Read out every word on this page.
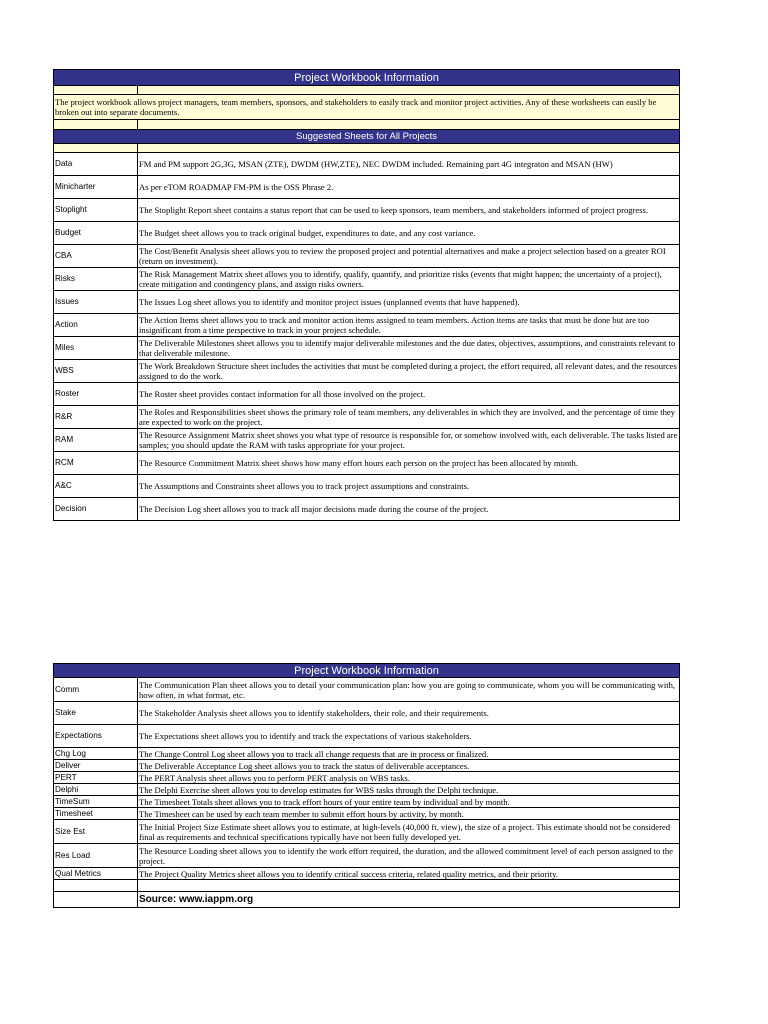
Project Workbook Information	

The project workbook allows project managers, team members, sponsors, and stakeholders to easily track and monitor project activities. Any of these worksheets can easily be broken out into separate documents.	

Suggested Sheets for All Projects	

Data	FM and PM support 2G,3G, MSAN (ZTE), DWDM (HW,ZTE), NEC DWDM included. Remaining part 4G integraton and MSAN (HW)
Minicharter	As per eTOM ROADMAP FM-PM is the OSS Phrase 2.
Stoplight	The Stoplight Report sheet contains a status report that can be used to keep sponsors, team members, and stakeholders informed of project progress.
Budget	The Budget sheet allows you to track original budget, expenditures to date, and any cost variance.
CBA	The Cost/Benefit Analysis sheet allows you to review the proposed project and potential alternatives and make a project selection based on a greater ROI (return on investment).
Risks	The Risk Management Matrix sheet allows you to identify, qualify, quantify, and prioritize risks (events that might happen; the uncertainty of a project), create mitigation and contingency plans, and assign risks owners.
Issues	The Issues Log sheet allows you to identify and monitor project issues (unplanned events that have happened).
Action	The Action Items sheet allows you to track and monitor action items assigned to team members. Action items are tasks that must be done but are too insignificant from a time perspective to track in your project schedule.
Miles	The Deliverable Milestones sheet allows you to identify major deliverable milestones and the due dates, objectives, assumptions, and constraints relevant to that deliverable milestone.
WBS	The Work Breakdown Structure sheet includes the activities that must be completed during a project, the effort required, all relevant dates, and the resources assigned to do the work.
Roster	The Roster sheet provides contact information for all those involved on the project.
R&R	The Roles and Responsibilities sheet shows the primary role of team members, any deliverables in which they are involved, and the percentage of time they are expected to work on the project.
RAM	The Resource Assignment Matrix sheet shows you what type of resource is responsible for, or somehow involved with, each deliverable. The tasks listed are samples; you should update the RAM with tasks appropriate for your project.
RCM	The Resource Commitment Matrix sheet shows how many effort hours each person on the project has been allocated by month.
A&C	The Assumptions and Constraints sheet allows you to track project assumptions and constraints.
Decision	The Decision Log sheet allows you to track all major decisions made during the course of the project.
Project Workbook Information	
Comm	The Communication Plan sheet allows you to detail your communication plan: how you are going to communicate, whom you will be communicating with, how often, in what format, etc.
Stake	The Stakeholder Analysis sheet allows you to identify stakeholders, their role, and their requirements.
Expectations	The Expectations sheet allows you to identify and track the expectations of various stakeholders.
Chg Log	The Change Control Log sheet allows you to track all change requests that are in process or finalized.
Deliver	The Deliverable Acceptance Log sheet allows you to track the status of deliverable acceptances.
PERT	The PERT Analysis sheet allows you to perform PERT analysis on WBS tasks.
Delphi	The Delphi Exercise sheet allows you to develop estimates for WBS tasks through the Delphi technique.
TimeSum	The Timesheet Totals sheet allows you to track effort hours of your entire team by individual and by month.
Timesheet	The Timesheet can be used by each team member to submit effort hours by activity, by month.
Size Est	The Initial Project Size Estimate sheet allows you to estimate, at high-levels (40,000 ft. view), the size of a project. This estimate should not be considered final as requirements and technical specifications typically have not been fully developed yet.
Res Load	The Resource Loading sheet allows you to identify the work effort required, the duration, and the allowed commitment level of each person assigned to the project.
Qual Metrics	The Project Quality Metrics sheet allows you to identify critical success criteria, related quality metrics, and their priority.

	Source: www.iappm.org
